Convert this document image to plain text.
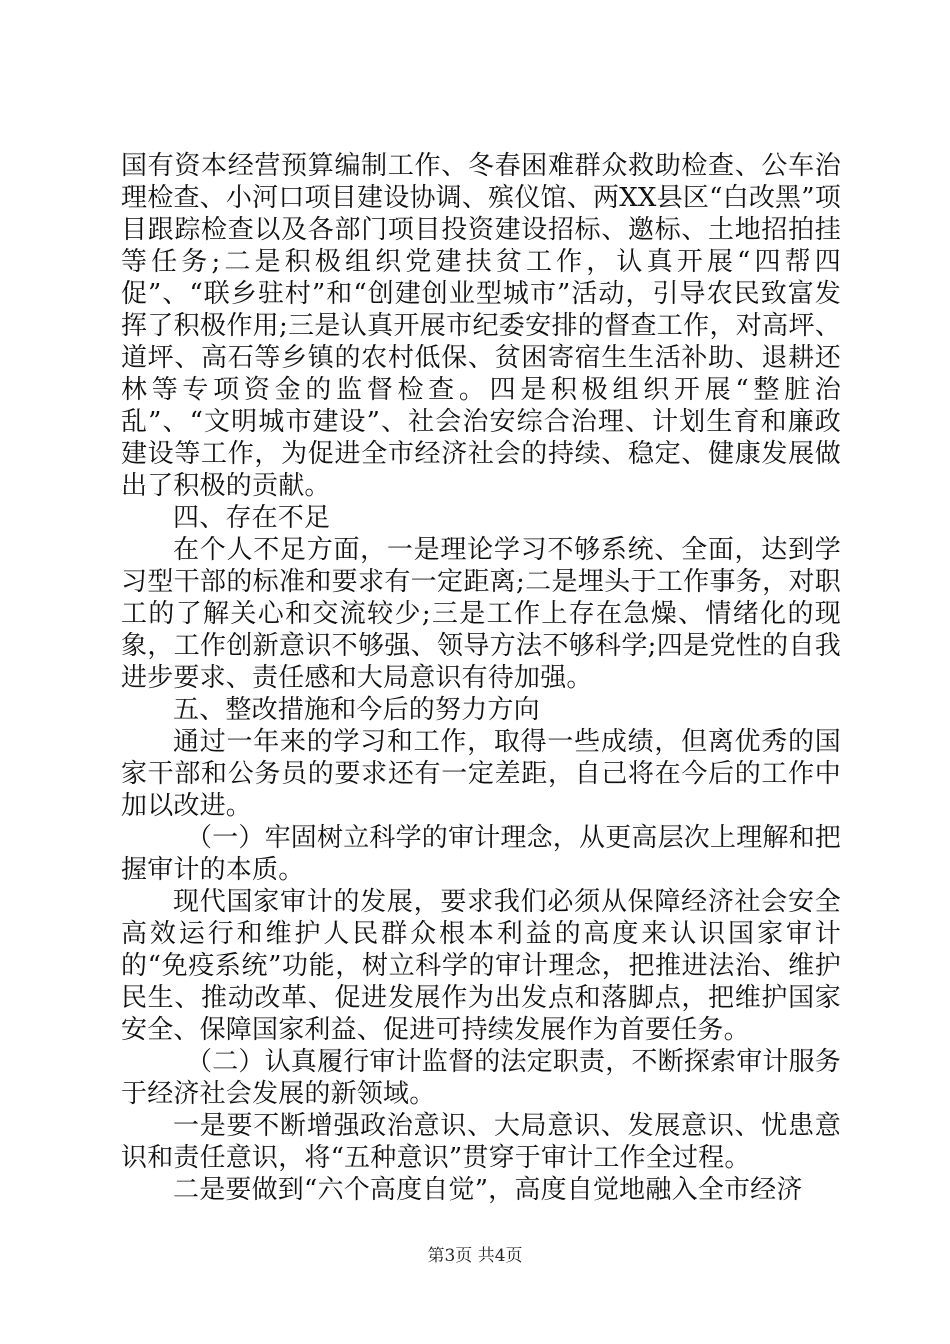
国有资本经营预算编制工作、冬春困难群众救助检查、公车治理检查、小河口项目建设协调、殡仪馆、两XX县区“白改黑”项目跟踪检查以及各部门项目投资建设招标、邀标、土地招拍挂等任务;二是积极组织党建扶贫工作，认真开展“四帮四促”、“联乡驻村”和“创建创业型城市”活动，引导农民致富发挥了积极作用;三是认真开展市纪委安排的督查工作，对高坪、道坪、高石等乡镇的农村低保、贫困寄宿生生活补助、退耕还林等专项资金的监督检查。四是积极组织开展“整脏治乱”、“文明城市建设”、社会治安综合治理、计划生育和廉政建设等工作，为促进全市经济社会的持续、稳定、健康发展做出了积极的贡献。

四、存在不足

在个人不足方面，一是理论学习不够系统、全面，达到学习型干部的标准和要求有一定距离;二是埋头于工作事务，对职工的了解关心和交流较少;三是工作上存在急燥、情绪化的现象，工作创新意识不够强、领导方法不够科学;四是党性的自我进步要求、责任感和大局意识有待加强。

五、整改措施和今后的努力方向

通过一年来的学习和工作，取得一些成绩，但离优秀的国家干部和公务员的要求还有一定差距，自己将在今后的工作中加以改进。

（一）牢固树立科学的审计理念，从更高层次上理解和把握审计的本质。

现代国家审计的发展，要求我们必须从保障经济社会安全高效运行和维护人民群众根本利益的高度来认识国家审计的“免疫系统”功能，树立科学的审计理念，把推进法治、维护民生、推动改革、促进发展作为出发点和落脚点，把维护国家安全、保障国家利益、促进可持续发展作为首要任务。

（二）认真履行审计监督的法定职责，不断探索审计服务于经济社会发展的新领域。

一是要不断增强政治意识、大局意识、发展意识、忧患意识和责任意识，将“五种意识”贯穿于审计工作全过程。

二是要做到“六个高度自觉”，高度自觉地融入全市经济

第3页 共4页
